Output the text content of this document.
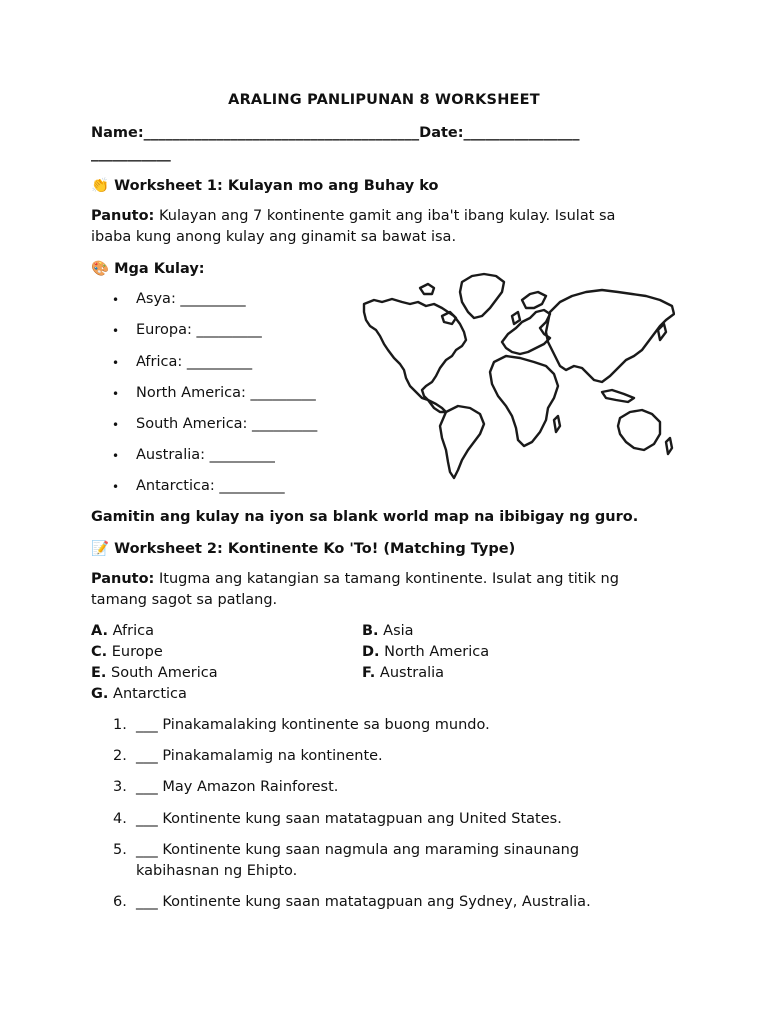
ARALING PANLIPUNAN 8 WORKSHEET
Name:______________________________________Date:________________
___________
👏 Worksheet 1: Kulayan mo ang Buhay ko
Panuto: Kulayan ang 7 kontinente gamit ang iba't ibang kulay. Isulat sa ibaba kung anong kulay ang ginamit sa bawat isa.
🎨 Mga Kulay:
• Asya: _________
• Europa: _________
• Africa: _________
• North America: _________
• South America: _________
• Australia: _________
• Antarctica: _________
Gamitin ang kulay na iyon sa blank world map na ibibigay ng guro.
📝 Worksheet 2: Kontinente Ko 'To! (Matching Type)
Panuto: Itugma ang katangian sa tamang kontinente. Isulat ang titik ng tamang sagot sa patlang.
A. Africa	B. Asia
C. Europe	D. North America
E. South America	F. Australia
G. Antarctica
1. ___ Pinakamalaking kontinente sa buong mundo.
2. ___ Pinakamalamig na kontinente.
3. ___ May Amazon Rainforest.
4. ___ Kontinente kung saan matatagpuan ang United States.
5. ___ Kontinente kung saan nagmula ang maraming sinaunang kabihasnan ng Ehipto.
6. ___ Kontinente kung saan matatagpuan ang Sydney, Australia.
